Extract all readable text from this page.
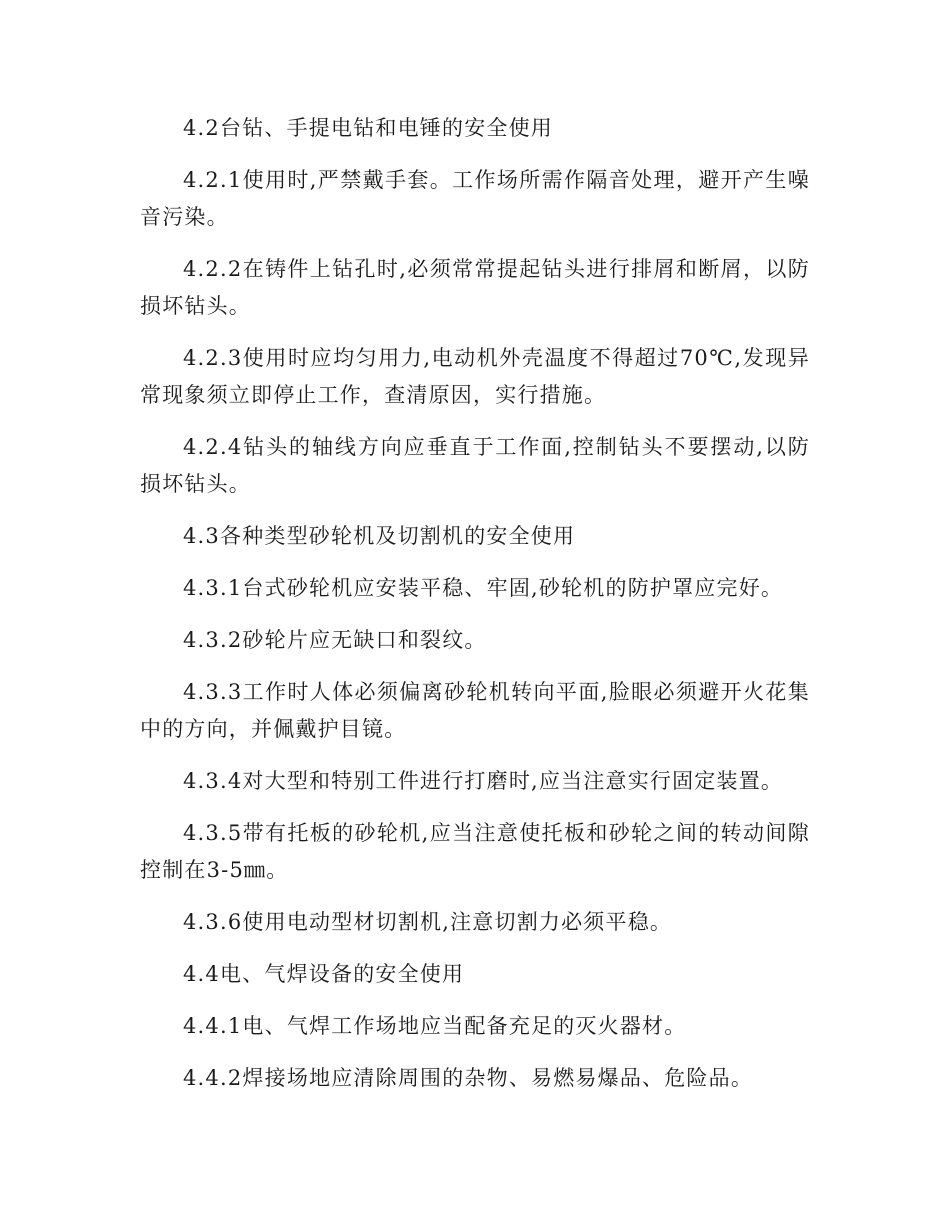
4.2台钻、手提电钻和电锤的安全使用

4.2.1使用时,严禁戴手套。工作场所需作隔音处理，避开产生噪音污染。

4.2.2在铸件上钻孔时,必须常常提起钻头进行排屑和断屑，以防损坏钻头。

4.2.3使用时应均匀用力,电动机外壳温度不得超过70℃,发现异常现象须立即停止工作，查清原因，实行措施。

4.2.4钻头的轴线方向应垂直于工作面,控制钻头不要摆动,以防损坏钻头。

4.3各种类型砂轮机及切割机的安全使用

4.3.1台式砂轮机应安装平稳、牢固,砂轮机的防护罩应完好。

4.3.2砂轮片应无缺口和裂纹。

4.3.3工作时人体必须偏离砂轮机转向平面,脸眼必须避开火花集中的方向，并佩戴护目镜。

4.3.4对大型和特别工件进行打磨时,应当注意实行固定装置。

4.3.5带有托板的砂轮机,应当注意使托板和砂轮之间的转动间隙控制在3-5㎜。

4.3.6使用电动型材切割机,注意切割力必须平稳。

4.4电、气焊设备的安全使用

4.4.1电、气焊工作场地应当配备充足的灭火器材。

4.4.2焊接场地应清除周围的杂物、易燃易爆品、危险品。
